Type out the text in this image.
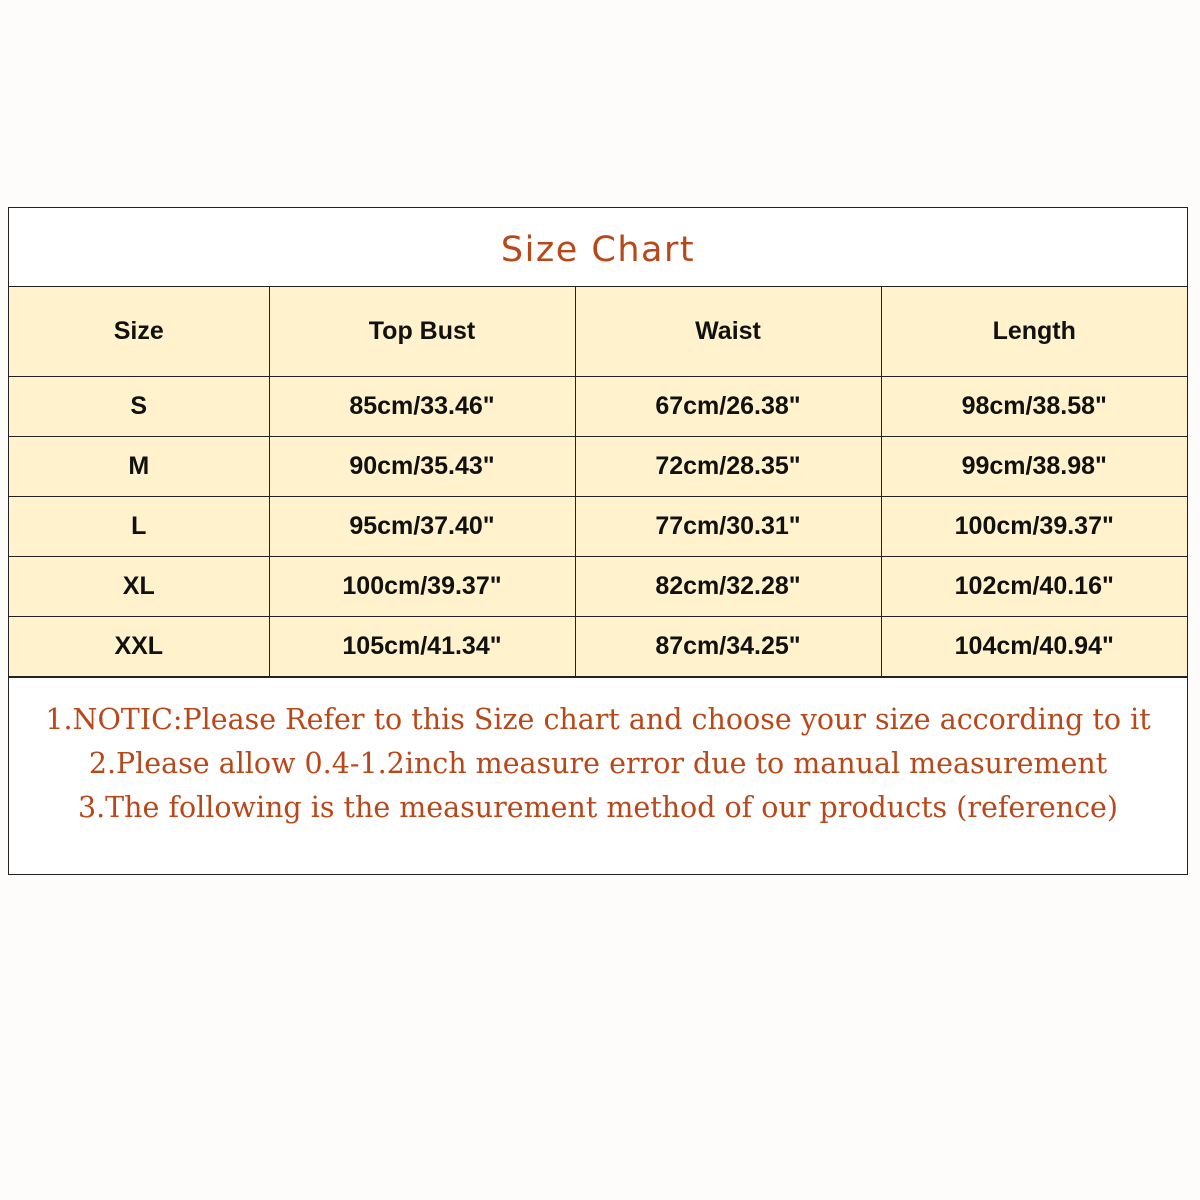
Size Chart
Size	Top Bust	Waist	Length
S	85cm/33.46"	67cm/26.38"	98cm/38.58"
M	90cm/35.43"	72cm/28.35"	99cm/38.98"
L	95cm/37.40"	77cm/30.31"	100cm/39.37"
XL	100cm/39.37"	82cm/32.28"	102cm/40.16"
XXL	105cm/41.34"	87cm/34.25"	104cm/40.94"
1.NOTIC:Please Refer to this Size chart and choose your size according to it
2.Please allow 0.4-1.2inch measure error due to manual measurement
3.The following is the measurement method of our products (reference)
